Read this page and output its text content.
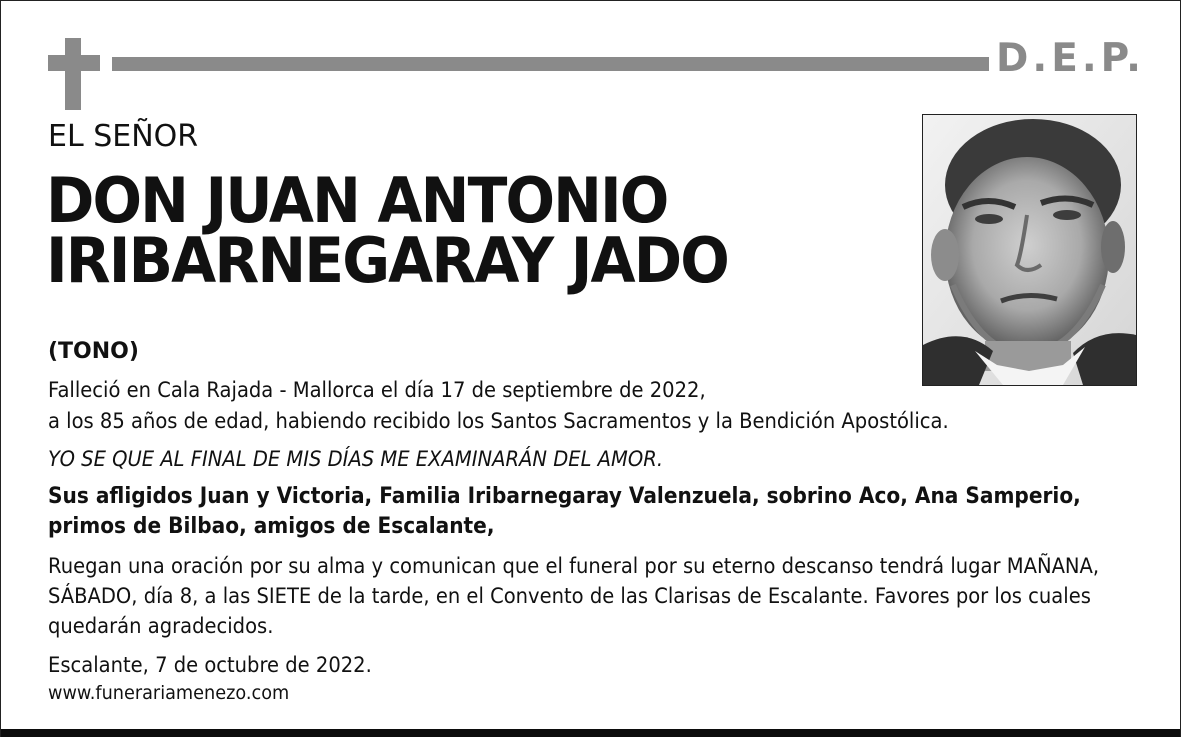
D.E.P.
EL SEÑOR
DON JUAN ANTONIO
IRIBARNEGARAY JADO
(TONO)
Falleció en Cala Rajada - Mallorca el día 17 de septiembre de 2022,
a los 85 años de edad, habiendo recibido los Santos Sacramentos y la Bendición Apostólica.
YO SE QUE AL FINAL DE MIS DÍAS ME EXAMINARÁN DEL AMOR.
Sus afligidos Juan y Victoria, Familia Iribarnegaray Valenzuela, sobrino Aco, Ana Samperio, primos de Bilbao, amigos de Escalante,
Ruegan una oración por su alma y comunican que el funeral por su eterno descanso tendrá lugar MAÑANA, SÁBADO, día 8, a las SIETE de la tarde, en el Convento de las Clarisas de Escalante. Favores por los cuales quedarán agradecidos.
Escalante, 7 de octubre de 2022.
www.funerariamenezo.com
